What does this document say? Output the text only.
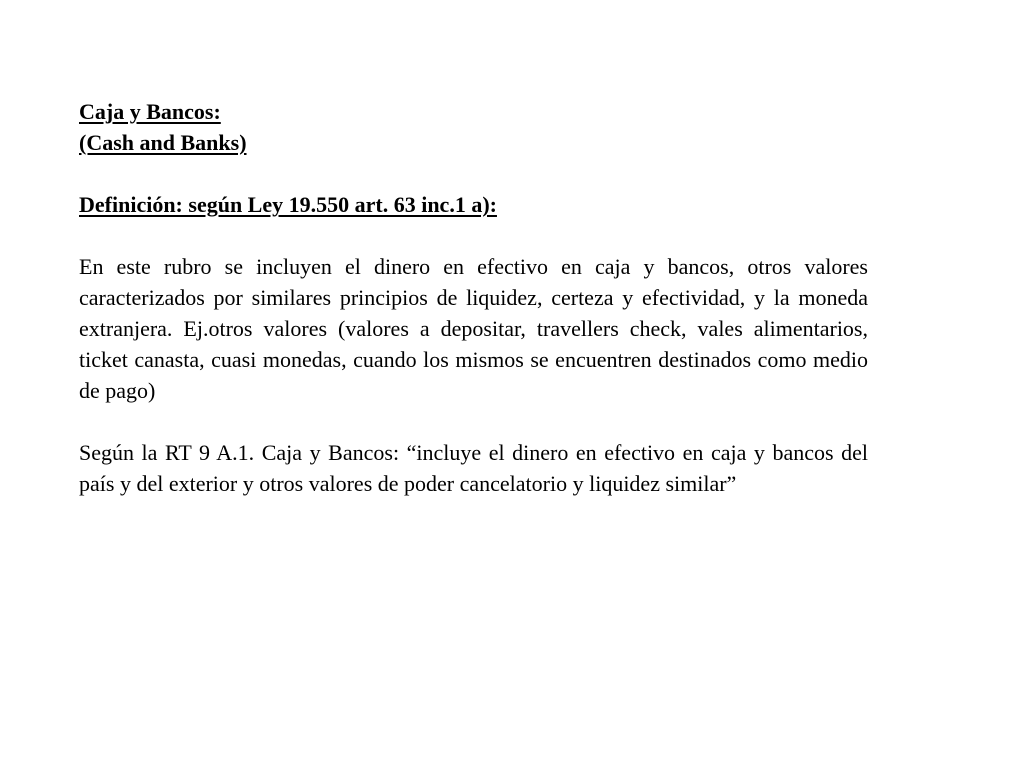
Caja y Bancos:

(Cash and Banks)

Definición: según Ley 19.550 art. 63 inc.1 a):

En este rubro se incluyen el dinero en efectivo en caja y bancos, otros valores caracterizados por similares principios de liquidez, certeza y efectividad, y la moneda extranjera. Ej.otros valores (valores a depositar, travellers check, vales alimentarios, ticket canasta, cuasi monedas, cuando los mismos se encuentren destinados como medio de pago)

Según la RT 9 A.1. Caja y Bancos: “incluye el dinero en efectivo en caja y bancos del país y del exterior y otros valores de poder cancelatorio y liquidez similar”
